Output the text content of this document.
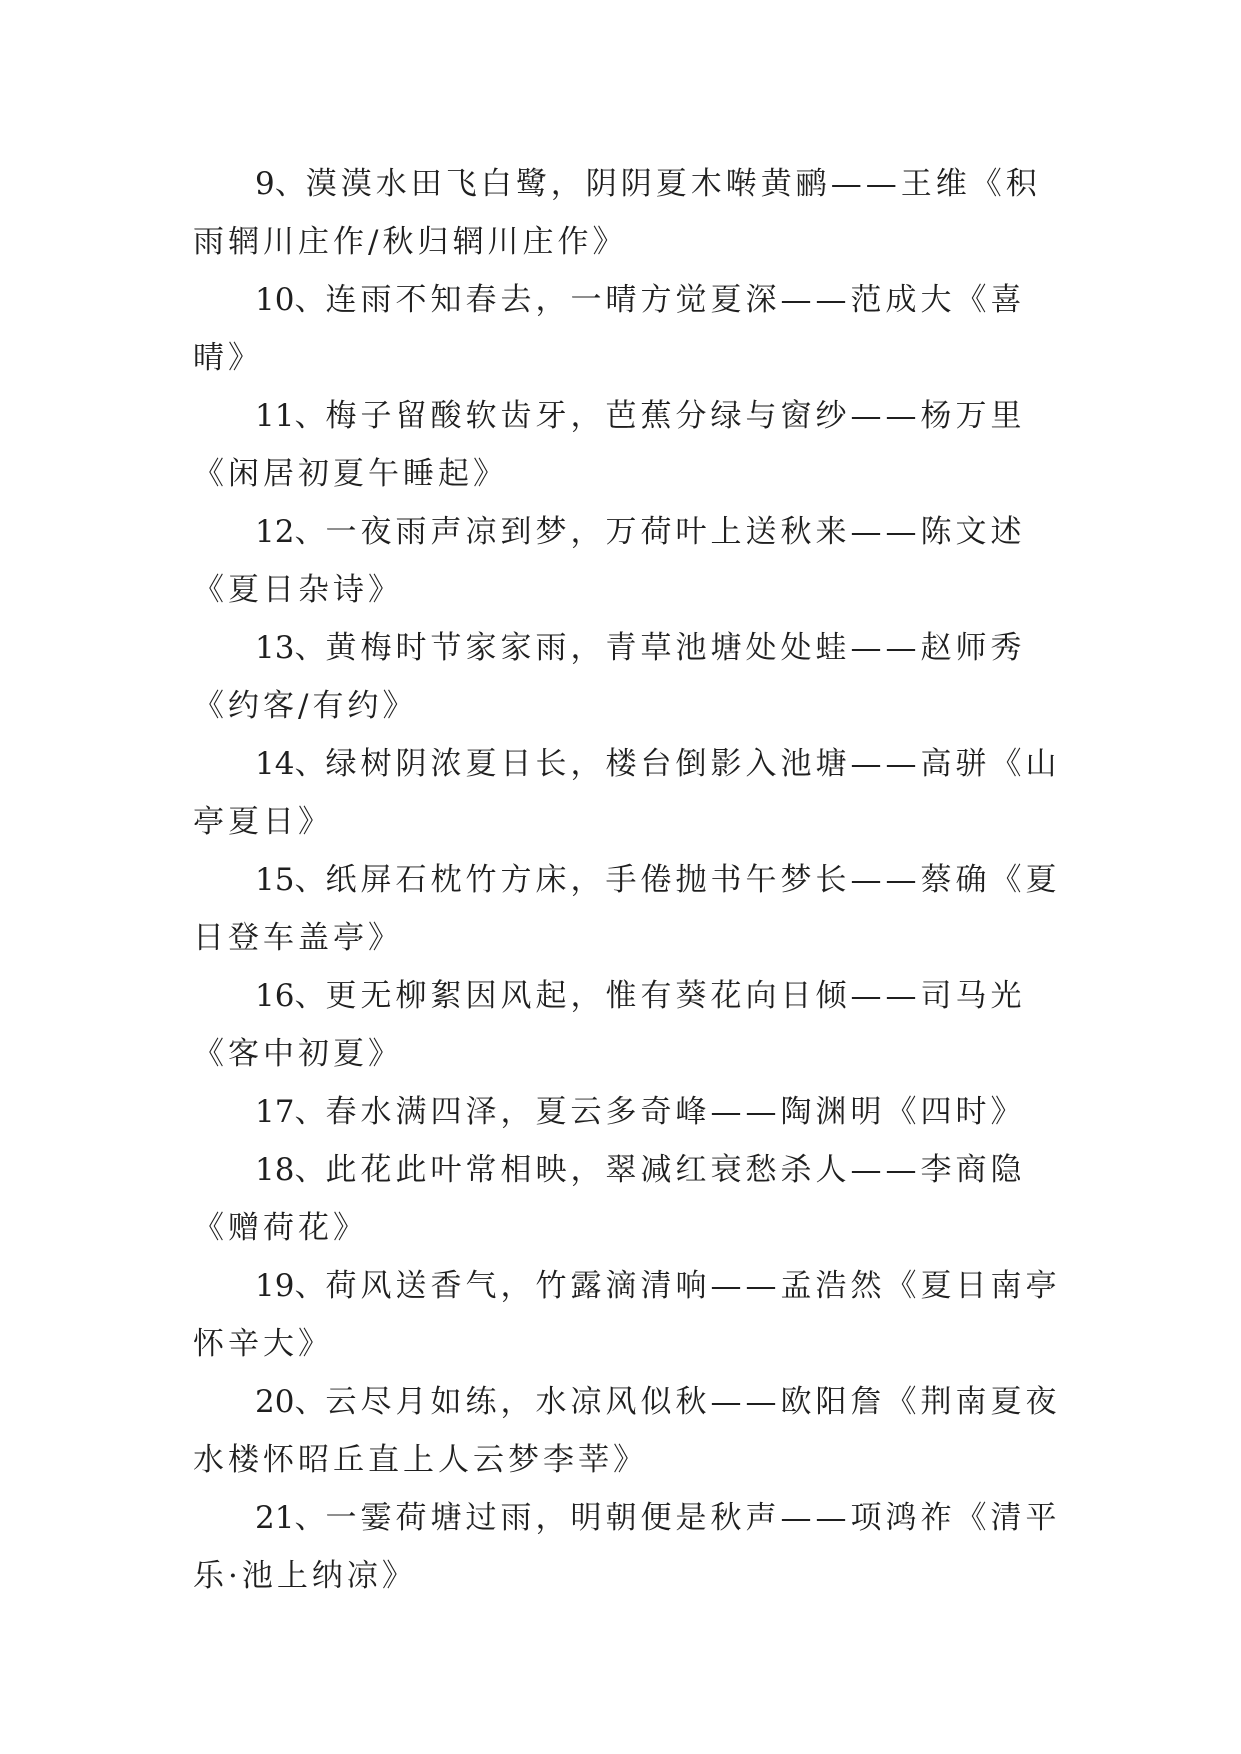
9、漠漠水田飞白鹭，阴阴夏木啭黄鹂——王维《积雨辋川庄作/秋归辋川庄作》

10、连雨不知春去，一晴方觉夏深——范成大《喜晴》

11、梅子留酸软齿牙，芭蕉分绿与窗纱——杨万里《闲居初夏午睡起》

12、一夜雨声凉到梦，万荷叶上送秋来——陈文述《夏日杂诗》

13、黄梅时节家家雨，青草池塘处处蛙——赵师秀《约客/有约》

14、绿树阴浓夏日长，楼台倒影入池塘——高骈《山亭夏日》

15、纸屏石枕竹方床，手倦抛书午梦长——蔡确《夏日登车盖亭》

16、更无柳絮因风起，惟有葵花向日倾——司马光《客中初夏》

17、春水满四泽，夏云多奇峰——陶渊明《四时》

18、此花此叶常相映，翠减红衰愁杀人——李商隐《赠荷花》

19、荷风送香气，竹露滴清响——孟浩然《夏日南亭怀辛大》

20、云尽月如练，水凉风似秋——欧阳詹《荆南夏夜水楼怀昭丘直上人云梦李莘》

21、一霎荷塘过雨，明朝便是秋声——项鸿祚《清平乐·池上纳凉》
